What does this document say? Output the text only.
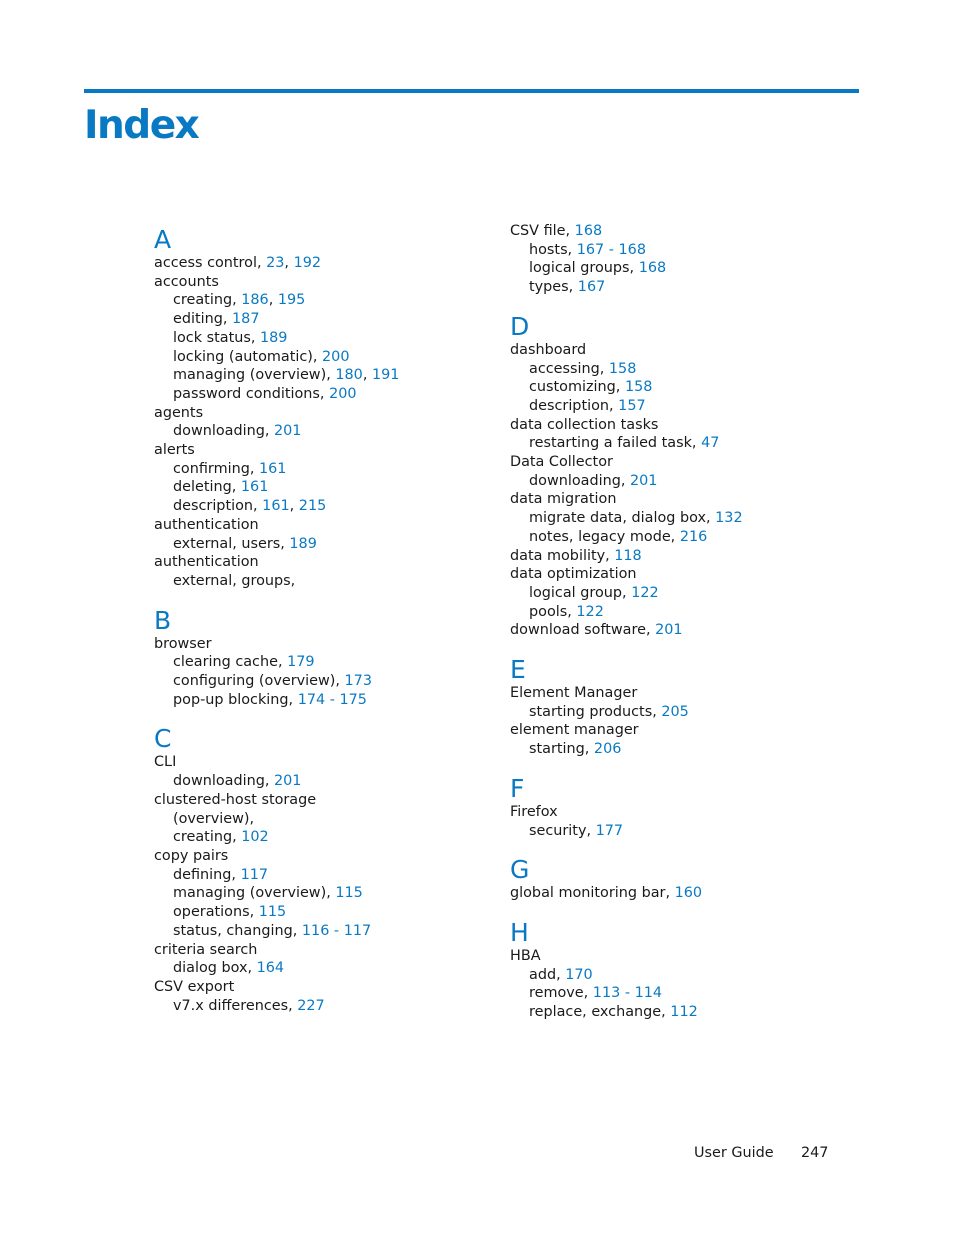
Index
A
access control, 23, 192
accounts
creating, 186, 195
editing, 187
lock status, 189
locking (automatic), 200
managing (overview), 180, 191
password conditions, 200
agents
downloading, 201
alerts
confirming, 161
deleting, 161
description, 161, 215
authentication
external, users, 189
authentication
external, groups,
B
browser
clearing cache, 179
configuring (overview), 173
pop-up blocking, 174 - 175
C
CLI
downloading, 201
clustered-host storage
(overview),
creating, 102
copy pairs
defining, 117
managing (overview), 115
operations, 115
status, changing, 116 - 117
criteria search
dialog box, 164
CSV export
v7.x differences, 227
CSV file, 168
hosts, 167 - 168
logical groups, 168
types, 167
D
dashboard
accessing, 158
customizing, 158
description, 157
data collection tasks
restarting a failed task, 47
Data Collector
downloading, 201
data migration
migrate data, dialog box, 132
notes, legacy mode, 216
data mobility, 118
data optimization
logical group, 122
pools, 122
download software, 201
E
Element Manager
starting products, 205
element manager
starting, 206
F
Firefox
security, 177
G
global monitoring bar, 160
H
HBA
add, 170
remove, 113 - 114
replace, exchange, 112
User Guide 247
